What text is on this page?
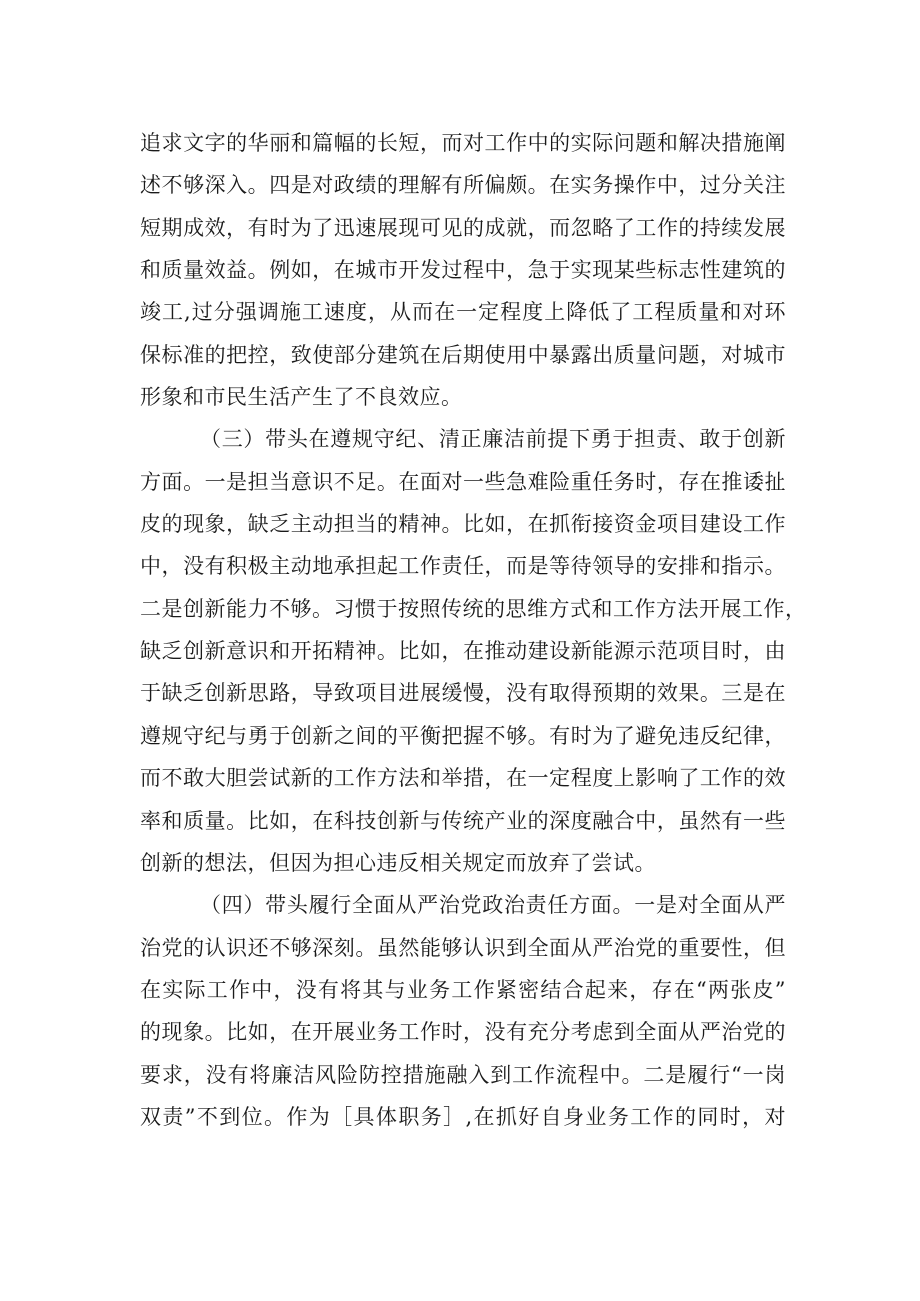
追求文字的华丽和篇幅的长短，而对工作中的实际问题和解决措施阐
述不够深入。四是对政绩的理解有所偏颇。在实务操作中，过分关注
短期成效，有时为了迅速展现可见的成就，而忽略了工作的持续发展
和质量效益。例如，在城市开发过程中，急于实现某些标志性建筑的
竣工,过分强调施工速度，从而在一定程度上降低了工程质量和对环
保标准的把控，致使部分建筑在后期使用中暴露出质量问题，对城市
形象和市民生活产生了不良效应。
（三）带头在遵规守纪、清正廉洁前提下勇于担责、敢于创新
方面。一是担当意识不足。在面对一些急难险重任务时，存在推诿扯
皮的现象，缺乏主动担当的精神。比如，在抓衔接资金项目建设工作
中，没有积极主动地承担起工作责任，而是等待领导的安排和指示。
二是创新能力不够。习惯于按照传统的思维方式和工作方法开展工作，
缺乏创新意识和开拓精神。比如，在推动建设新能源示范项目时，由
于缺乏创新思路，导致项目进展缓慢，没有取得预期的效果。三是在
遵规守纪与勇于创新之间的平衡把握不够。有时为了避免违反纪律，
而不敢大胆尝试新的工作方法和举措，在一定程度上影响了工作的效
率和质量。比如，在科技创新与传统产业的深度融合中，虽然有一些
创新的想法，但因为担心违反相关规定而放弃了尝试。
（四）带头履行全面从严治党政治责任方面。一是对全面从严
治党的认识还不够深刻。虽然能够认识到全面从严治党的重要性，但
在实际工作中，没有将其与业务工作紧密结合起来，存在“两张皮”
的现象。比如，在开展业务工作时，没有充分考虑到全面从严治党的
要求，没有将廉洁风险防控措施融入到工作流程中。二是履行“一岗
双责”不到位。作为［具体职务］,在抓好自身业务工作的同时，对
